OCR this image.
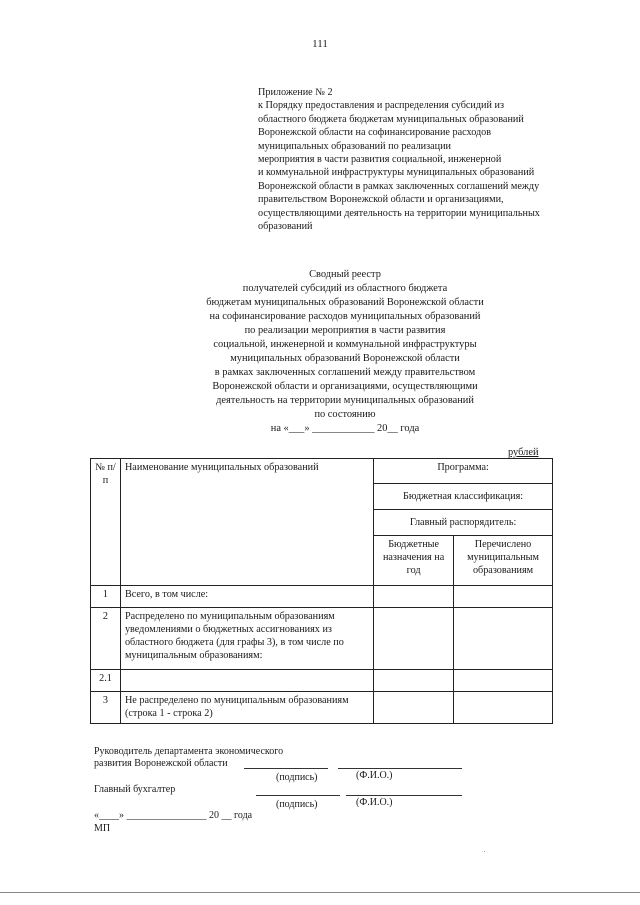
111
Приложение № 2
к Порядку предоставления и распределения субсидий из
областного бюджета бюджетам муниципальных образований
Воронежской области на софинансирование расходов
муниципальных образований по реализации
мероприятия в части развития социальной, инженерной
и коммунальной инфраструктуры муниципальных образований
Воронежской области в рамках заключенных соглашений между
правительством Воронежской области и организациями,
осуществляющими деятельность на территории муниципальных
образований
Сводный реестр
получателей субсидий из областного бюджета
бюджетам муниципальных образований Воронежской области
на софинансирование расходов муниципальных образований
по реализации мероприятия в части развития
социальной, инженерной и коммунальной инфраструктуры
муниципальных образований Воронежской области
в рамках заключенных соглашений между правительством
Воронежской области и организациями, осуществляющими
деятельность на территории муниципальных образований
по состоянию
на «___» ____________ 20__ года
рублей
№ п/п	Наименование муниципальных образований	Программа:	
		Бюджетная классификация:	
		Главный распорядитель:	
		Бюджетные назначения на год	Перечислено муниципальным образованиям
1	Всего, в том числе:		
2	Распределено по муниципальным образованиям уведомлениями о бюджетных ассигнованиях из областного бюджета (для графы 3), в том числе по муниципальным образованиям:		
2.1			
3	Не распределено по муниципальным образованиям (строка 1 - строка 2)		
Руководитель департамента экономического
развития Воронежской области
(подпись)	(Ф.И.О.)
Главный бухгалтер
(подпись)	(Ф.И.О.)
«____» ________________ 20 __ года
МП
